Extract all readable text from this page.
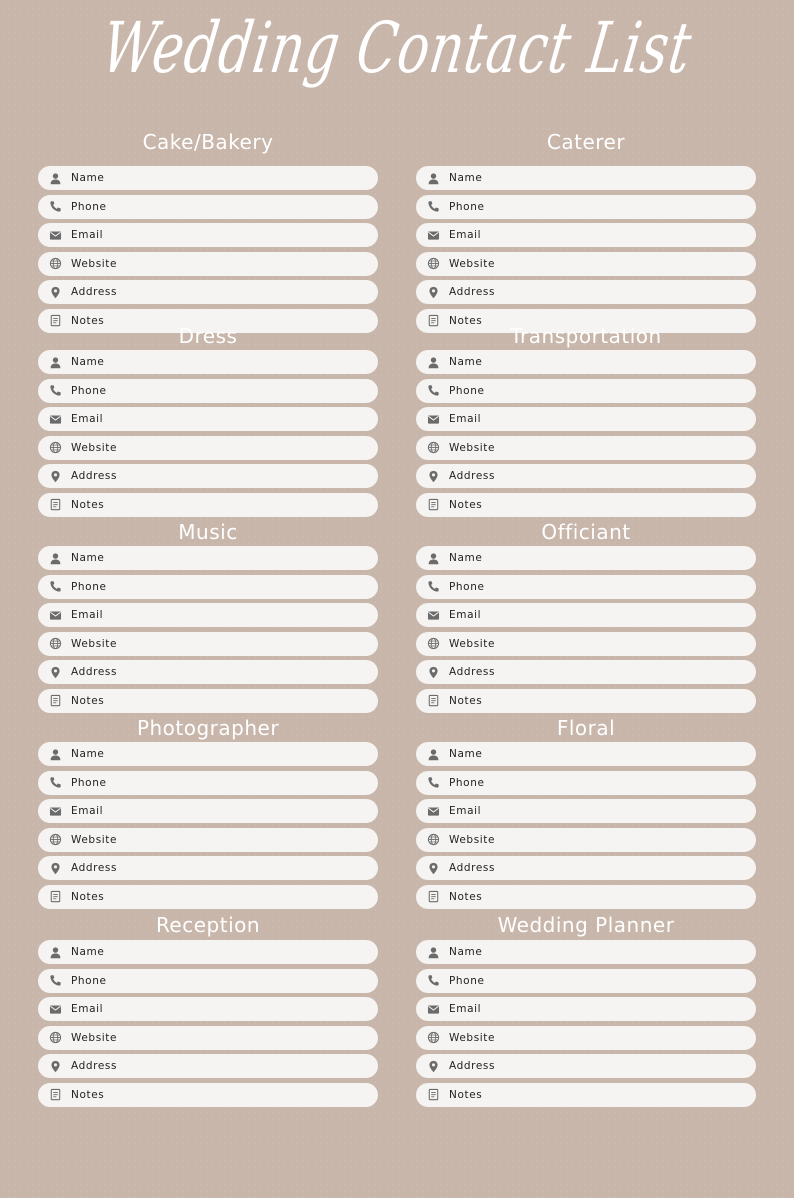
Wedding Contact List
Cake/Bakery
Name
Phone
Email
Website
Address
Notes
Caterer
Name
Phone
Email
Website
Address
Notes
Dress
Name
Phone
Email
Website
Address
Notes
Transportation
Name
Phone
Email
Website
Address
Notes
Music
Name
Phone
Email
Website
Address
Notes
Officiant
Name
Phone
Email
Website
Address
Notes
Photographer
Name
Phone
Email
Website
Address
Notes
Floral
Name
Phone
Email
Website
Address
Notes
Reception
Name
Phone
Email
Website
Address
Notes
Wedding Planner
Name
Phone
Email
Website
Address
Notes
